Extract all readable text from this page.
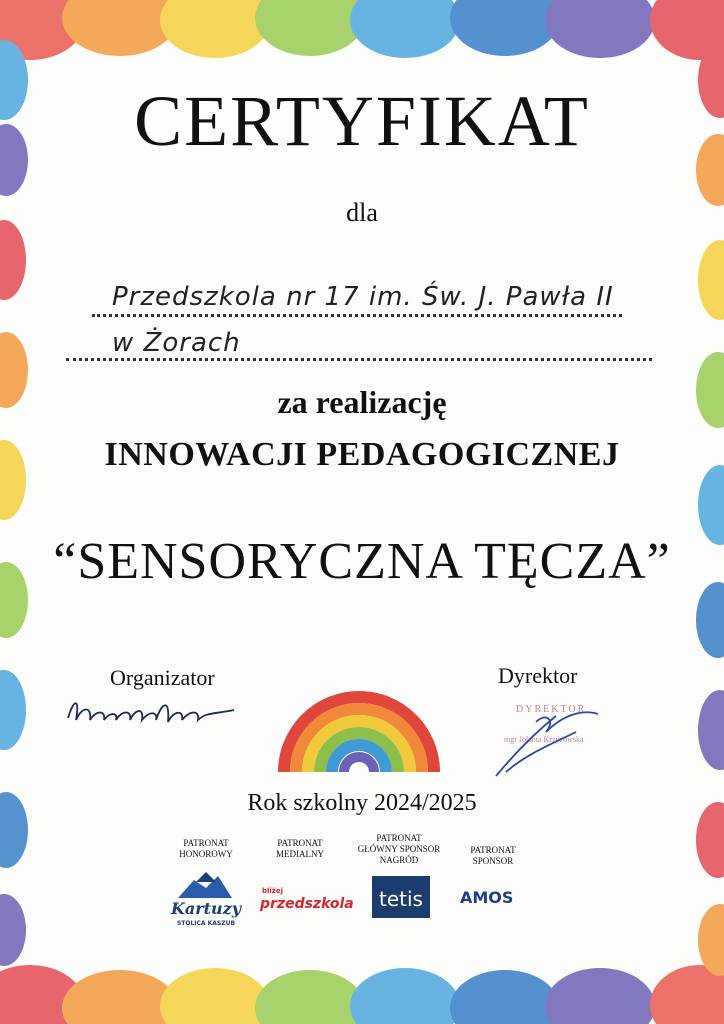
CERTYFIKAT
dla
Przedszkola nr 17 im. Św. J. Pawła II
w Żorach
za realizację
INNOWACJI PEDAGOGICZNEJ
“SENSORYCZNA TĘCZA”
Organizator	Dyrektor
DYREKTOR
mgr Jolanta Krzyżowska
Rok szkolny 2024/2025
PATRONAT
HONOROWY
PATRONAT
MEDIALNY
PATRONAT
GŁÓWNY SPONSOR
NAGRÓD
PATRONAT
SPONSOR
Kartuzy
STOLICA KASZUB
bliżej
przedszkola tetis AMOS
